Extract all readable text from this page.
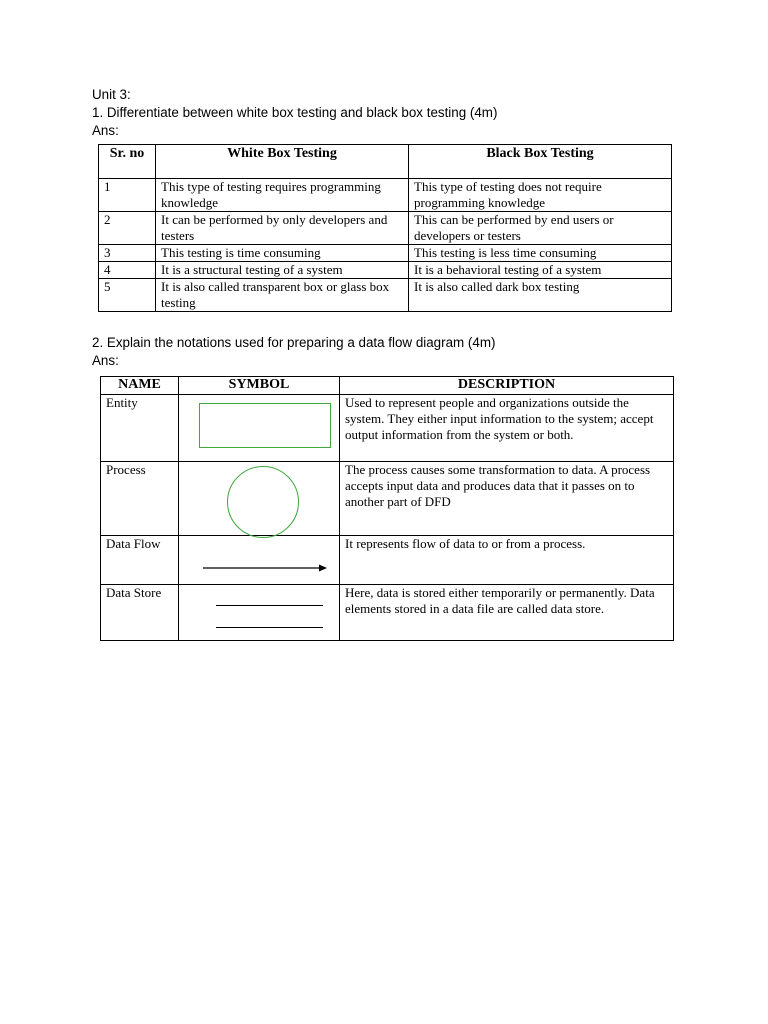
Unit 3:
1. Differentiate between white box testing and black box testing (4m)
Ans:
Sr. no	White Box Testing	Black Box Testing
1	This type of testing requires programming knowledge	This type of testing does not require programming knowledge
2	It can be performed by only developers and testers	This can be performed by end users or developers or testers
3	This testing is time consuming	This testing is less time consuming
4	It is a structural testing of a system	It is a behavioral testing of a system
5	It is also called transparent box or glass box testing	It is also called dark box testing
2. Explain the notations used for preparing a data flow diagram (4m)
Ans:
NAME	SYMBOL	DESCRIPTION
Entity		Used to represent people and organizations outside the system. They either input information to the system; accept output information from the system or both.
Process		The process causes some transformation to data. A process accepts input data and produces data that it passes on to another part of DFD
Data Flow		It represents flow of data to or from a process.
Data Store		Here, data is stored either temporarily or permanently. Data elements stored in a data file are called data store.
